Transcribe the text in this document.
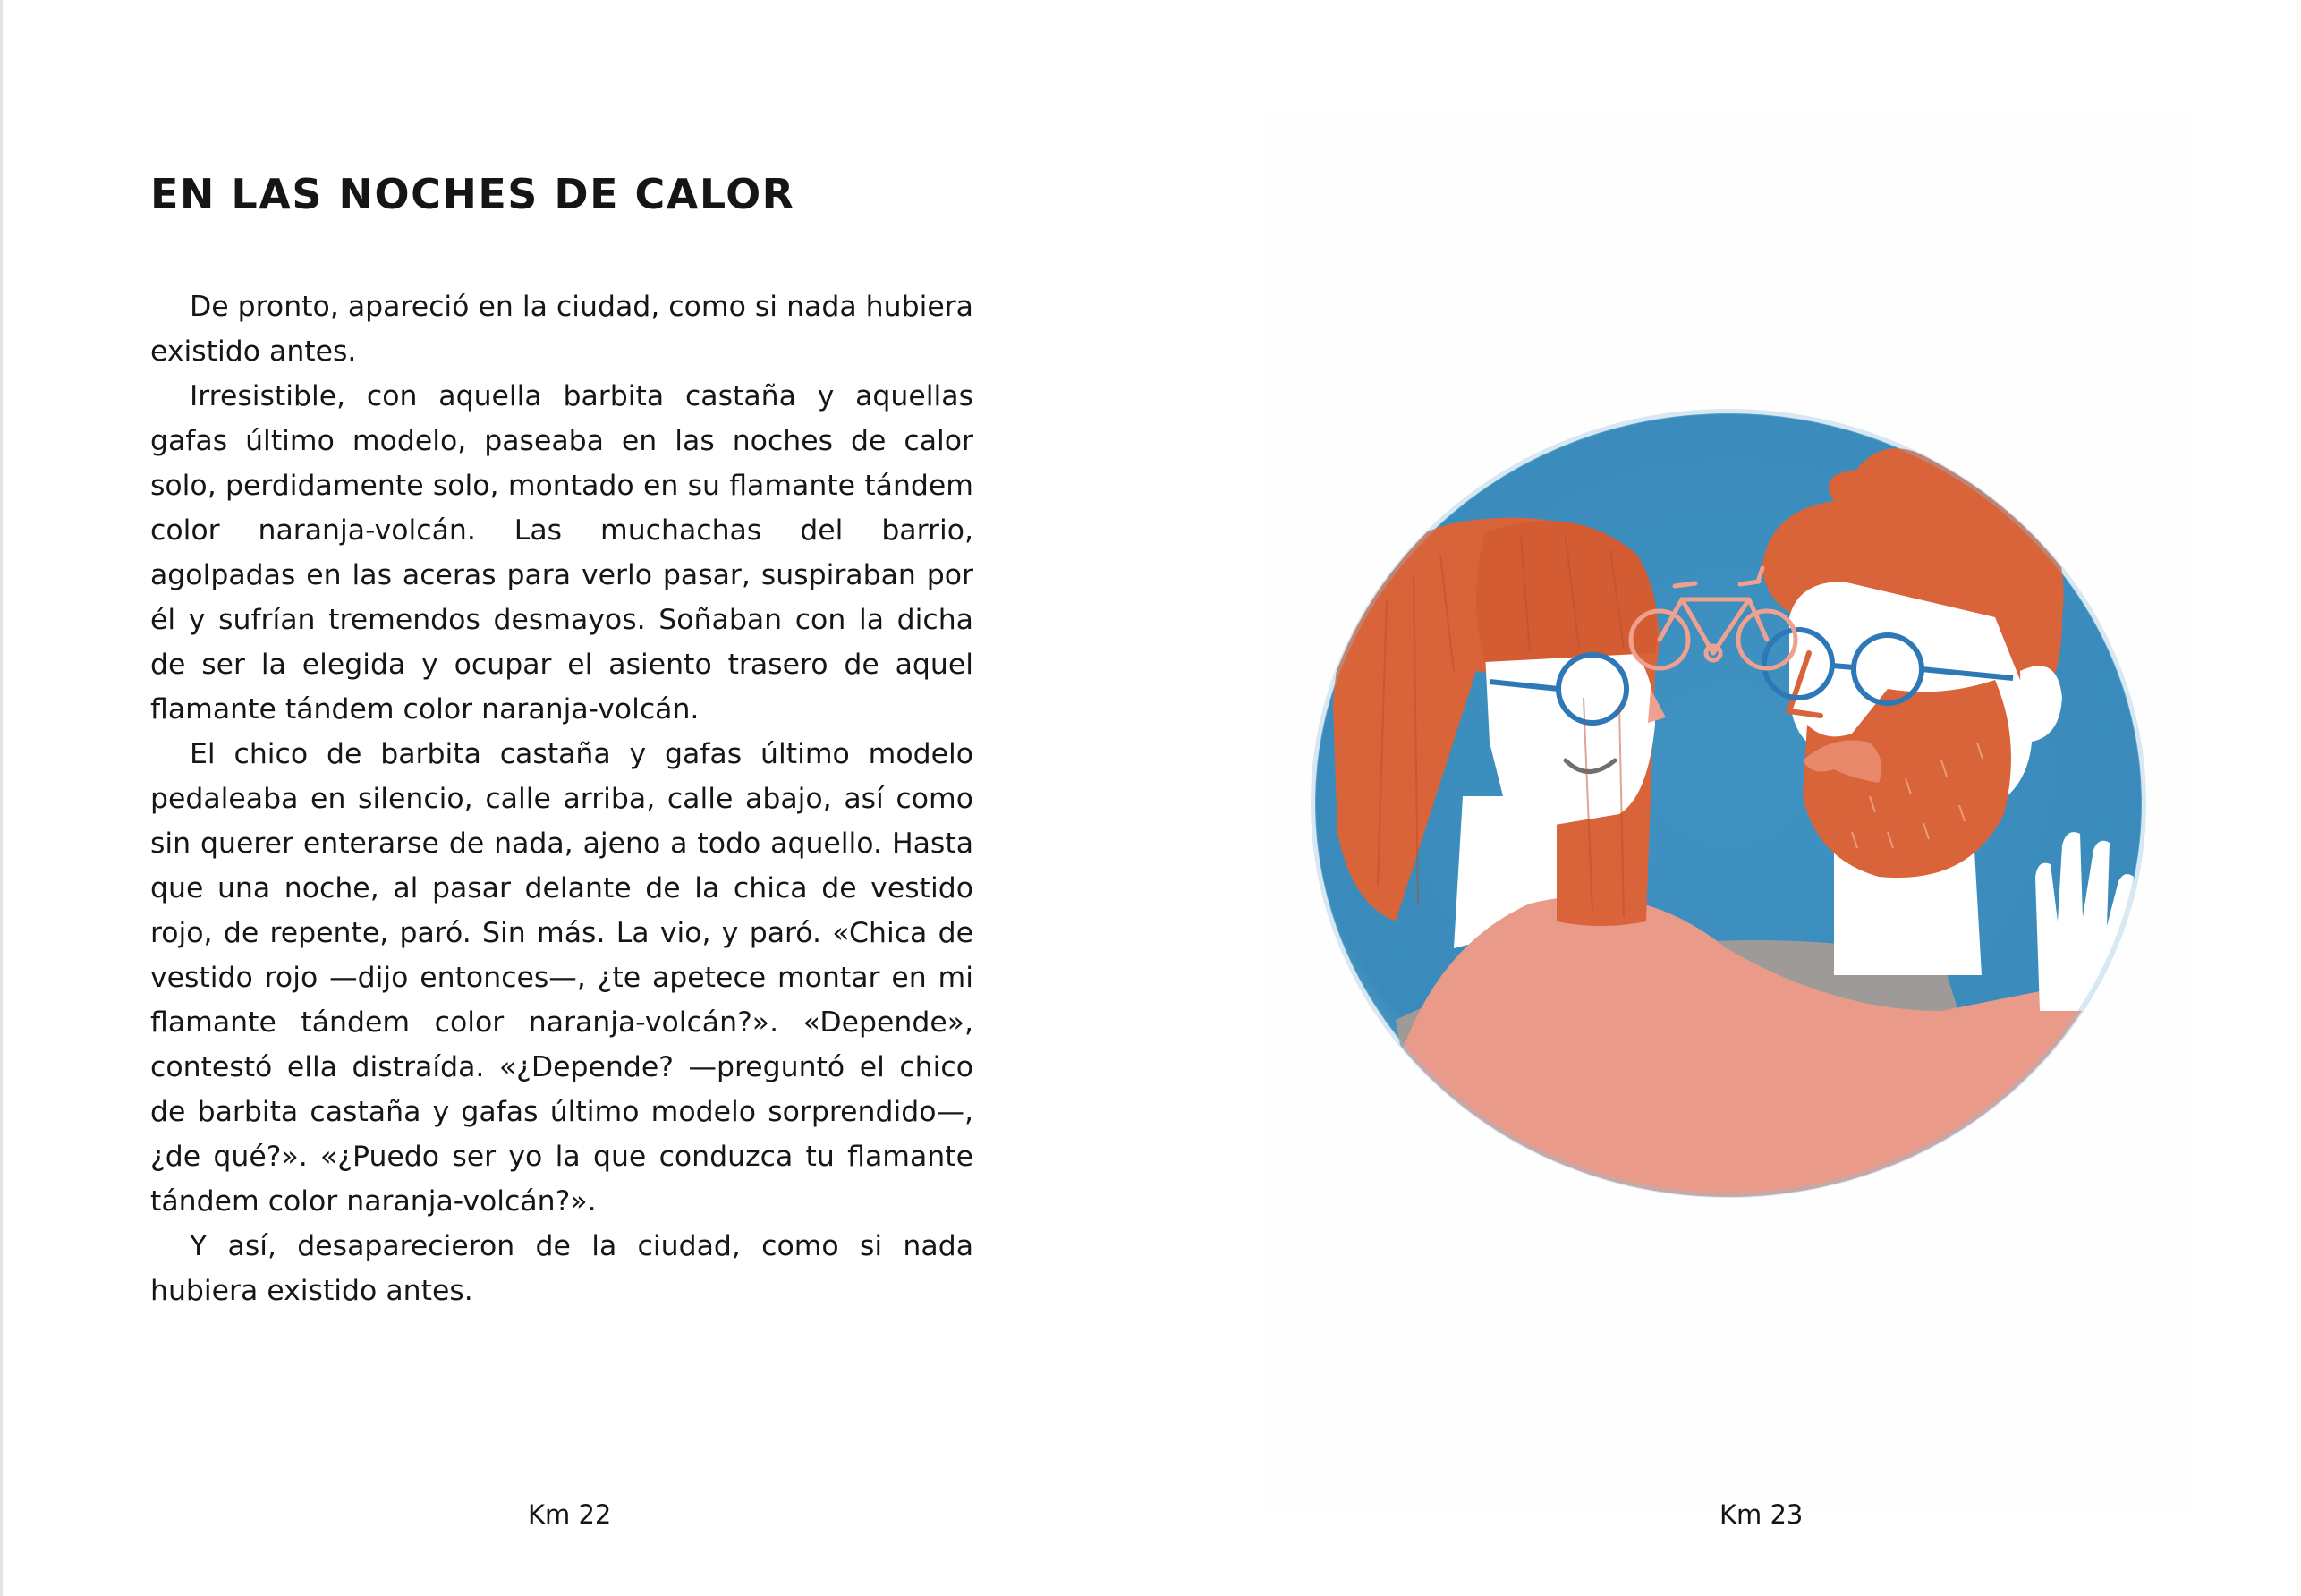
EN LAS NOCHES DE CALOR

De pronto, apareció en la ciudad, como si nada hubiera existido antes.

Irresistible, con aquella barbita castaña y aquellas gafas último modelo, paseaba en las noches de calor solo, perdidamente solo, montado en su flamante tándem color naranja-volcán. Las muchachas del barrio, agolpadas en las aceras para verlo pasar, suspiraban por él y sufrían tremendos desmayos. Soñaban con la dicha de ser la elegida y ocupar el asiento trasero de aquel flamante tándem color naranja-volcán.

El chico de barbita castaña y gafas último modelo pedaleaba en silencio, calle arriba, calle abajo, así como sin querer enterarse de nada, ajeno a todo aquello. Hasta que una noche, al pasar delante de la chica de vestido rojo, de repente, paró. Sin más. La vio, y paró. «Chica de vestido rojo —dijo entonces—, ¿te apetece montar en mi flamante tándem color naranja-volcán?». «Depende», contestó ella distraída. «¿Depende? —preguntó el chico de barbita castaña y gafas último modelo sorprendido—, ¿de qué?». «¿Puedo ser yo la que conduzca tu flamante tándem color naranja-volcán?».

Y así, desaparecieron de la ciudad, como si nada hubiera existido antes.

Km 22	Km 23
